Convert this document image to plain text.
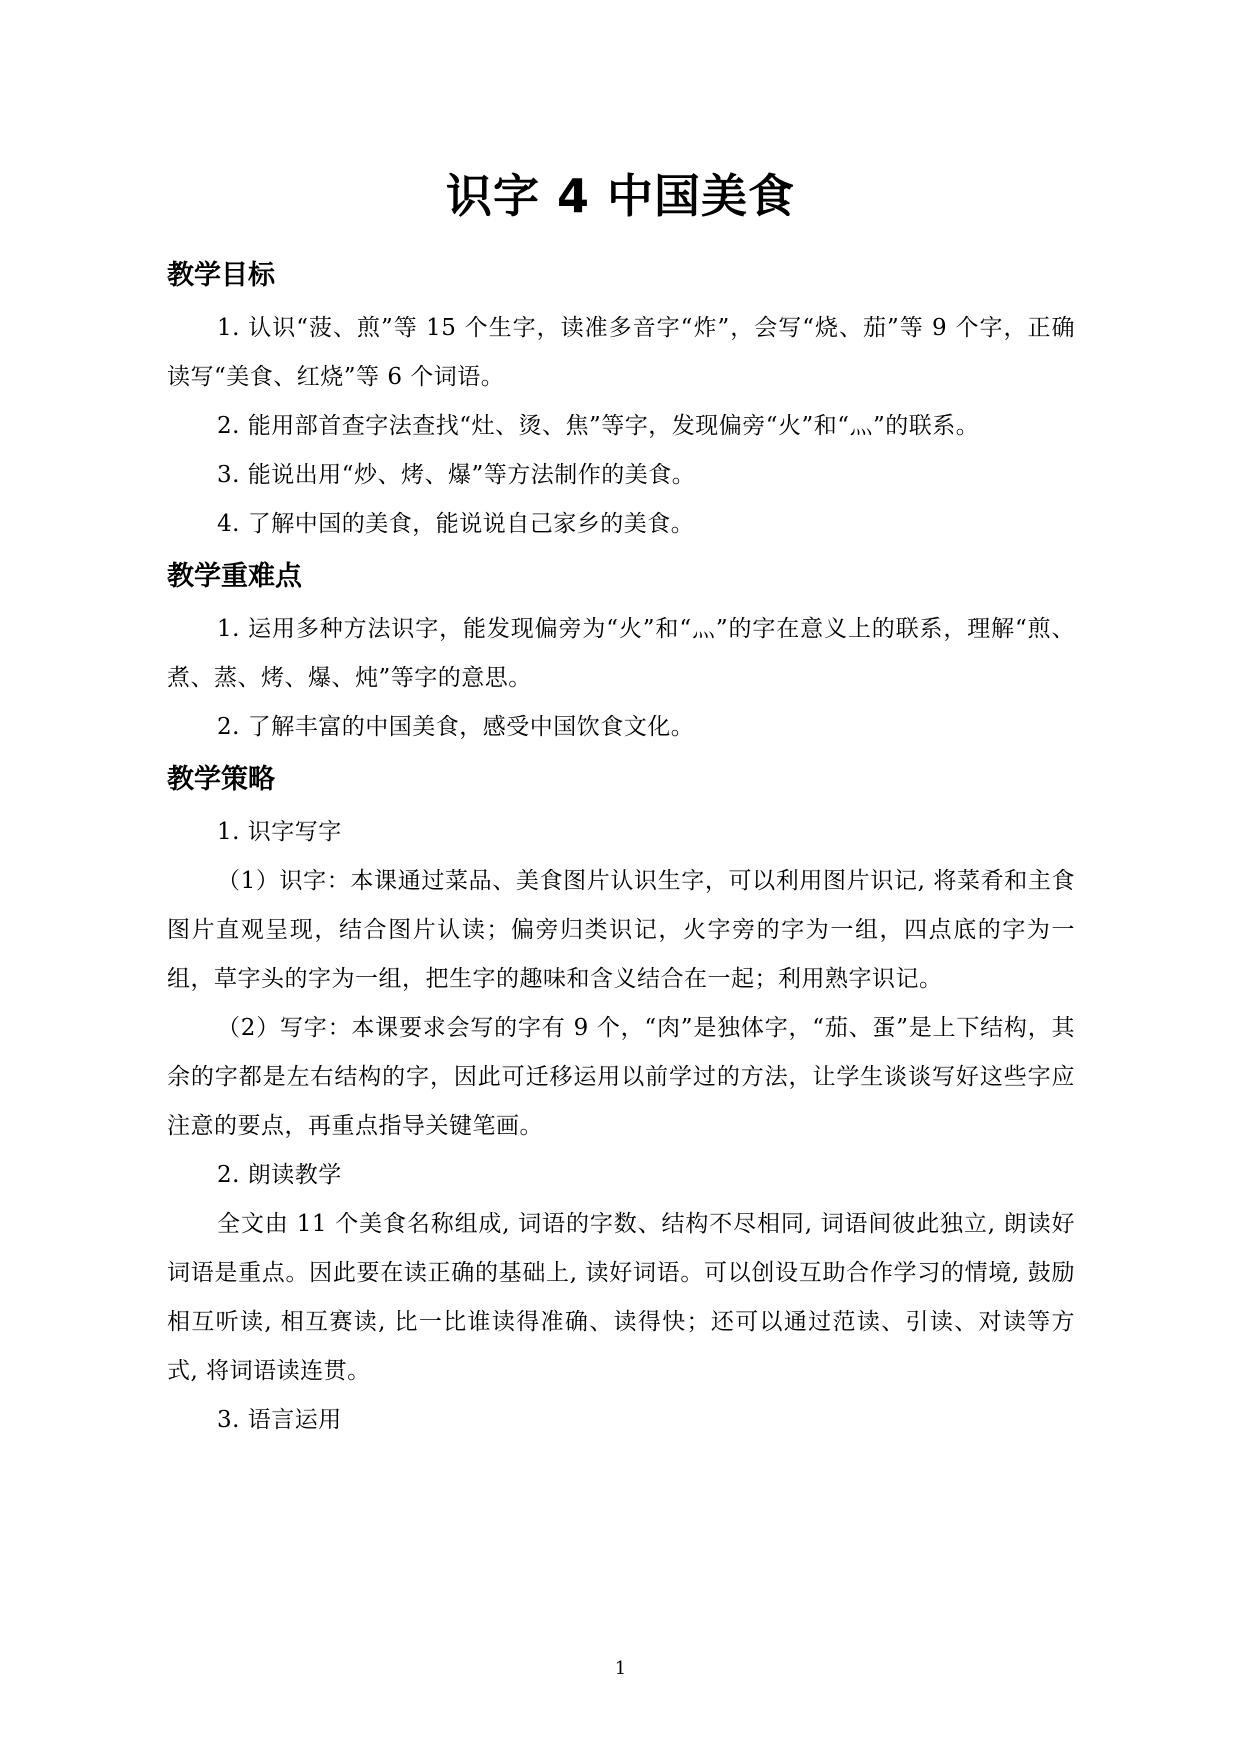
识字 4 中国美食
教学目标

1. 认识“菠、煎”等 15 个生字，读准多音字“炸”，会写“烧、茄”等 9 个字，正确读写“美食、红烧”等 6 个词语。

2. 能用部首查字法查找“灶、烫、焦”等字，发现偏旁“火”和“灬”的联系。

3. 能说出用“炒、烤、爆”等方法制作的美食。

4. 了解中国的美食，能说说自己家乡的美食。

教学重难点

1. 运用多种方法识字，能发现偏旁为“火”和“灬”的字在意义上的联系，理解“煎、煮、蒸、烤、爆、炖”等字的意思。

2. 了解丰富的中国美食，感受中国饮食文化。

教学策略

1. 识字写字

（1）识字：本课通过菜品、美食图片认识生字，可以利用图片识记, 将菜肴和主食图片直观呈现，结合图片认读；偏旁归类识记，火字旁的字为一组，四点底的字为一组，草字头的字为一组，把生字的趣味和含义结合在一起；利用熟字识记。

（2）写字：本课要求会写的字有 9 个，“肉”是独体字，“茄、蛋”是上下结构，其余的字都是左右结构的字，因此可迁移运用以前学过的方法，让学生谈谈写好这些字应注意的要点，再重点指导关键笔画。

2. 朗读教学

全文由 11 个美食名称组成, 词语的字数、结构不尽相同, 词语间彼此独立, 朗读好词语是重点。因此要在读正确的基础上, 读好词语。可以创设互助合作学习的情境, 鼓励相互听读, 相互赛读, 比一比谁读得准确、读得快；还可以通过范读、引读、对读等方式, 将词语读连贯。

3. 语言运用

1
